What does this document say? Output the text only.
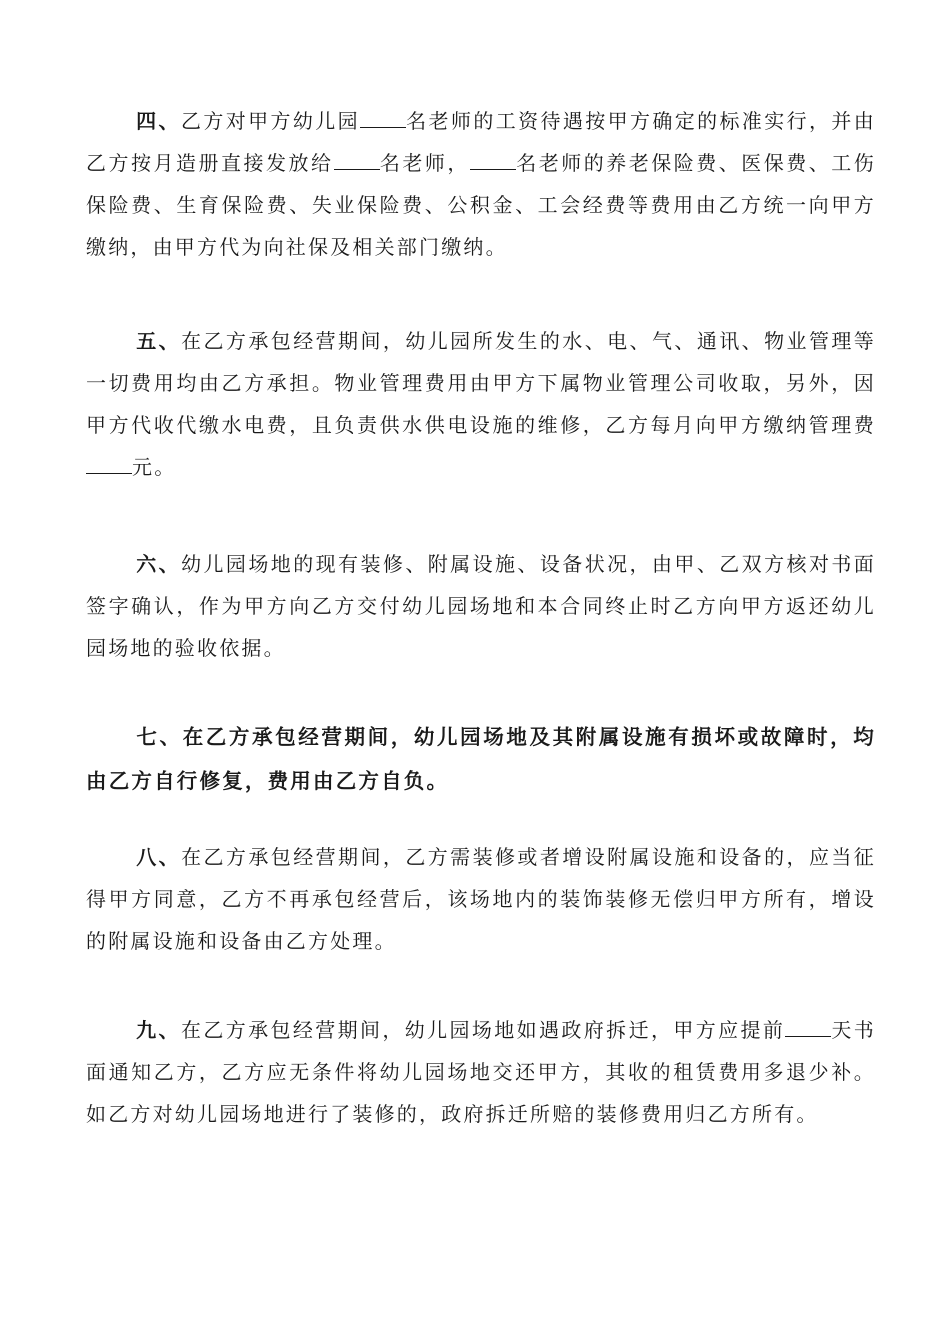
四、乙方对甲方幼儿园 名老师的工资待遇按甲方确定的标准实行，并由乙方按月造册直接发放给 名老师， 名老师的养老保险费、医保费、工伤保险费、生育保险费、失业保险费、公积金、工会经费等费用由乙方统一向甲方缴纳，由甲方代为向社保及相关部门缴纳。

五、在乙方承包经营期间，幼儿园所发生的水、电、气、通讯、物业管理等一切费用均由乙方承担。物业管理费用由甲方下属物业管理公司收取，另外，因甲方代收代缴水电费，且负责供水供电设施的维修，乙方每月向甲方缴纳管理费元。

六、幼儿园场地的现有装修、附属设施、设备状况，由甲、乙双方核对书面签字确认，作为甲方向乙方交付幼儿园场地和本合同终止时乙方向甲方返还幼儿园场地的验收依据。

七、在乙方承包经营期间，幼儿园场地及其附属设施有损坏或故障时，均由乙方自行修复，费用由乙方自负。

八、在乙方承包经营期间，乙方需装修或者增设附属设施和设备的，应当征得甲方同意，乙方不再承包经营后，该场地内的装饰装修无偿归甲方所有，增设的附属设施和设备由乙方处理。

九、在乙方承包经营期间，幼儿园场地如遇政府拆迁，甲方应提前 天书面通知乙方，乙方应无条件将幼儿园场地交还甲方，其收的租赁费用多退少补。如乙方对幼儿园场地进行了装修的，政府拆迁所赔的装修费用归乙方所有。
